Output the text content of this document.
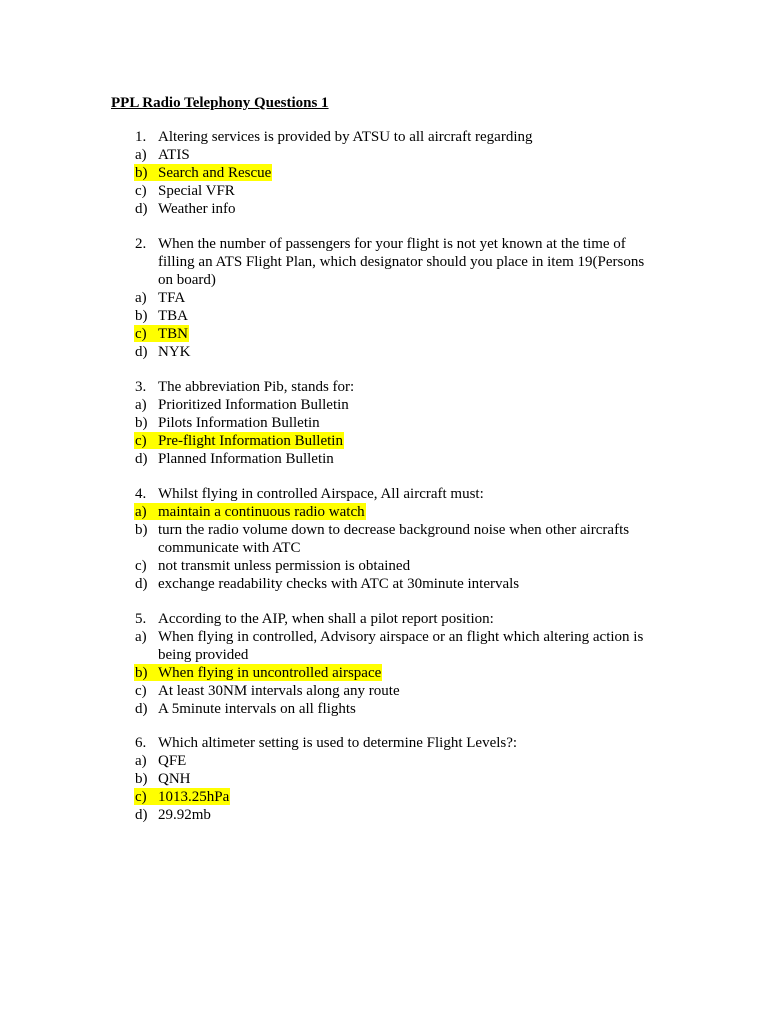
PPL Radio Telephony Questions 1
1. Altering services is provided by ATSU to all aircraft regarding
a) ATIS
b) Search and Rescue
c) Special VFR
d) Weather info
2. When the number of passengers for your flight is not yet known at the time of
filling an ATS Flight Plan, which designator should you place in item 19(Persons
on board)
a) TFA
b) TBA
c) TBN
d) NYK
3. The abbreviation Pib, stands for:
a) Prioritized Information Bulletin
b) Pilots Information Bulletin
c) Pre-flight Information Bulletin
d) Planned Information Bulletin
4. Whilst flying in controlled Airspace, All aircraft must:
a) maintain a continuous radio watch
b) turn the radio volume down to decrease background noise when other aircrafts
communicate with ATC
c) not transmit unless permission is obtained
d) exchange readability checks with ATC at 30minute intervals
5. According to the AIP, when shall a pilot report position:
a) When flying in controlled, Advisory airspace or an flight which altering action is
being provided
b) When flying in uncontrolled airspace
c) At least 30NM intervals along any route
d) A 5minute intervals on all flights
6. Which altimeter setting is used to determine Flight Levels?:
a) QFE
b) QNH
c) 1013.25hPa
d) 29.92mb
